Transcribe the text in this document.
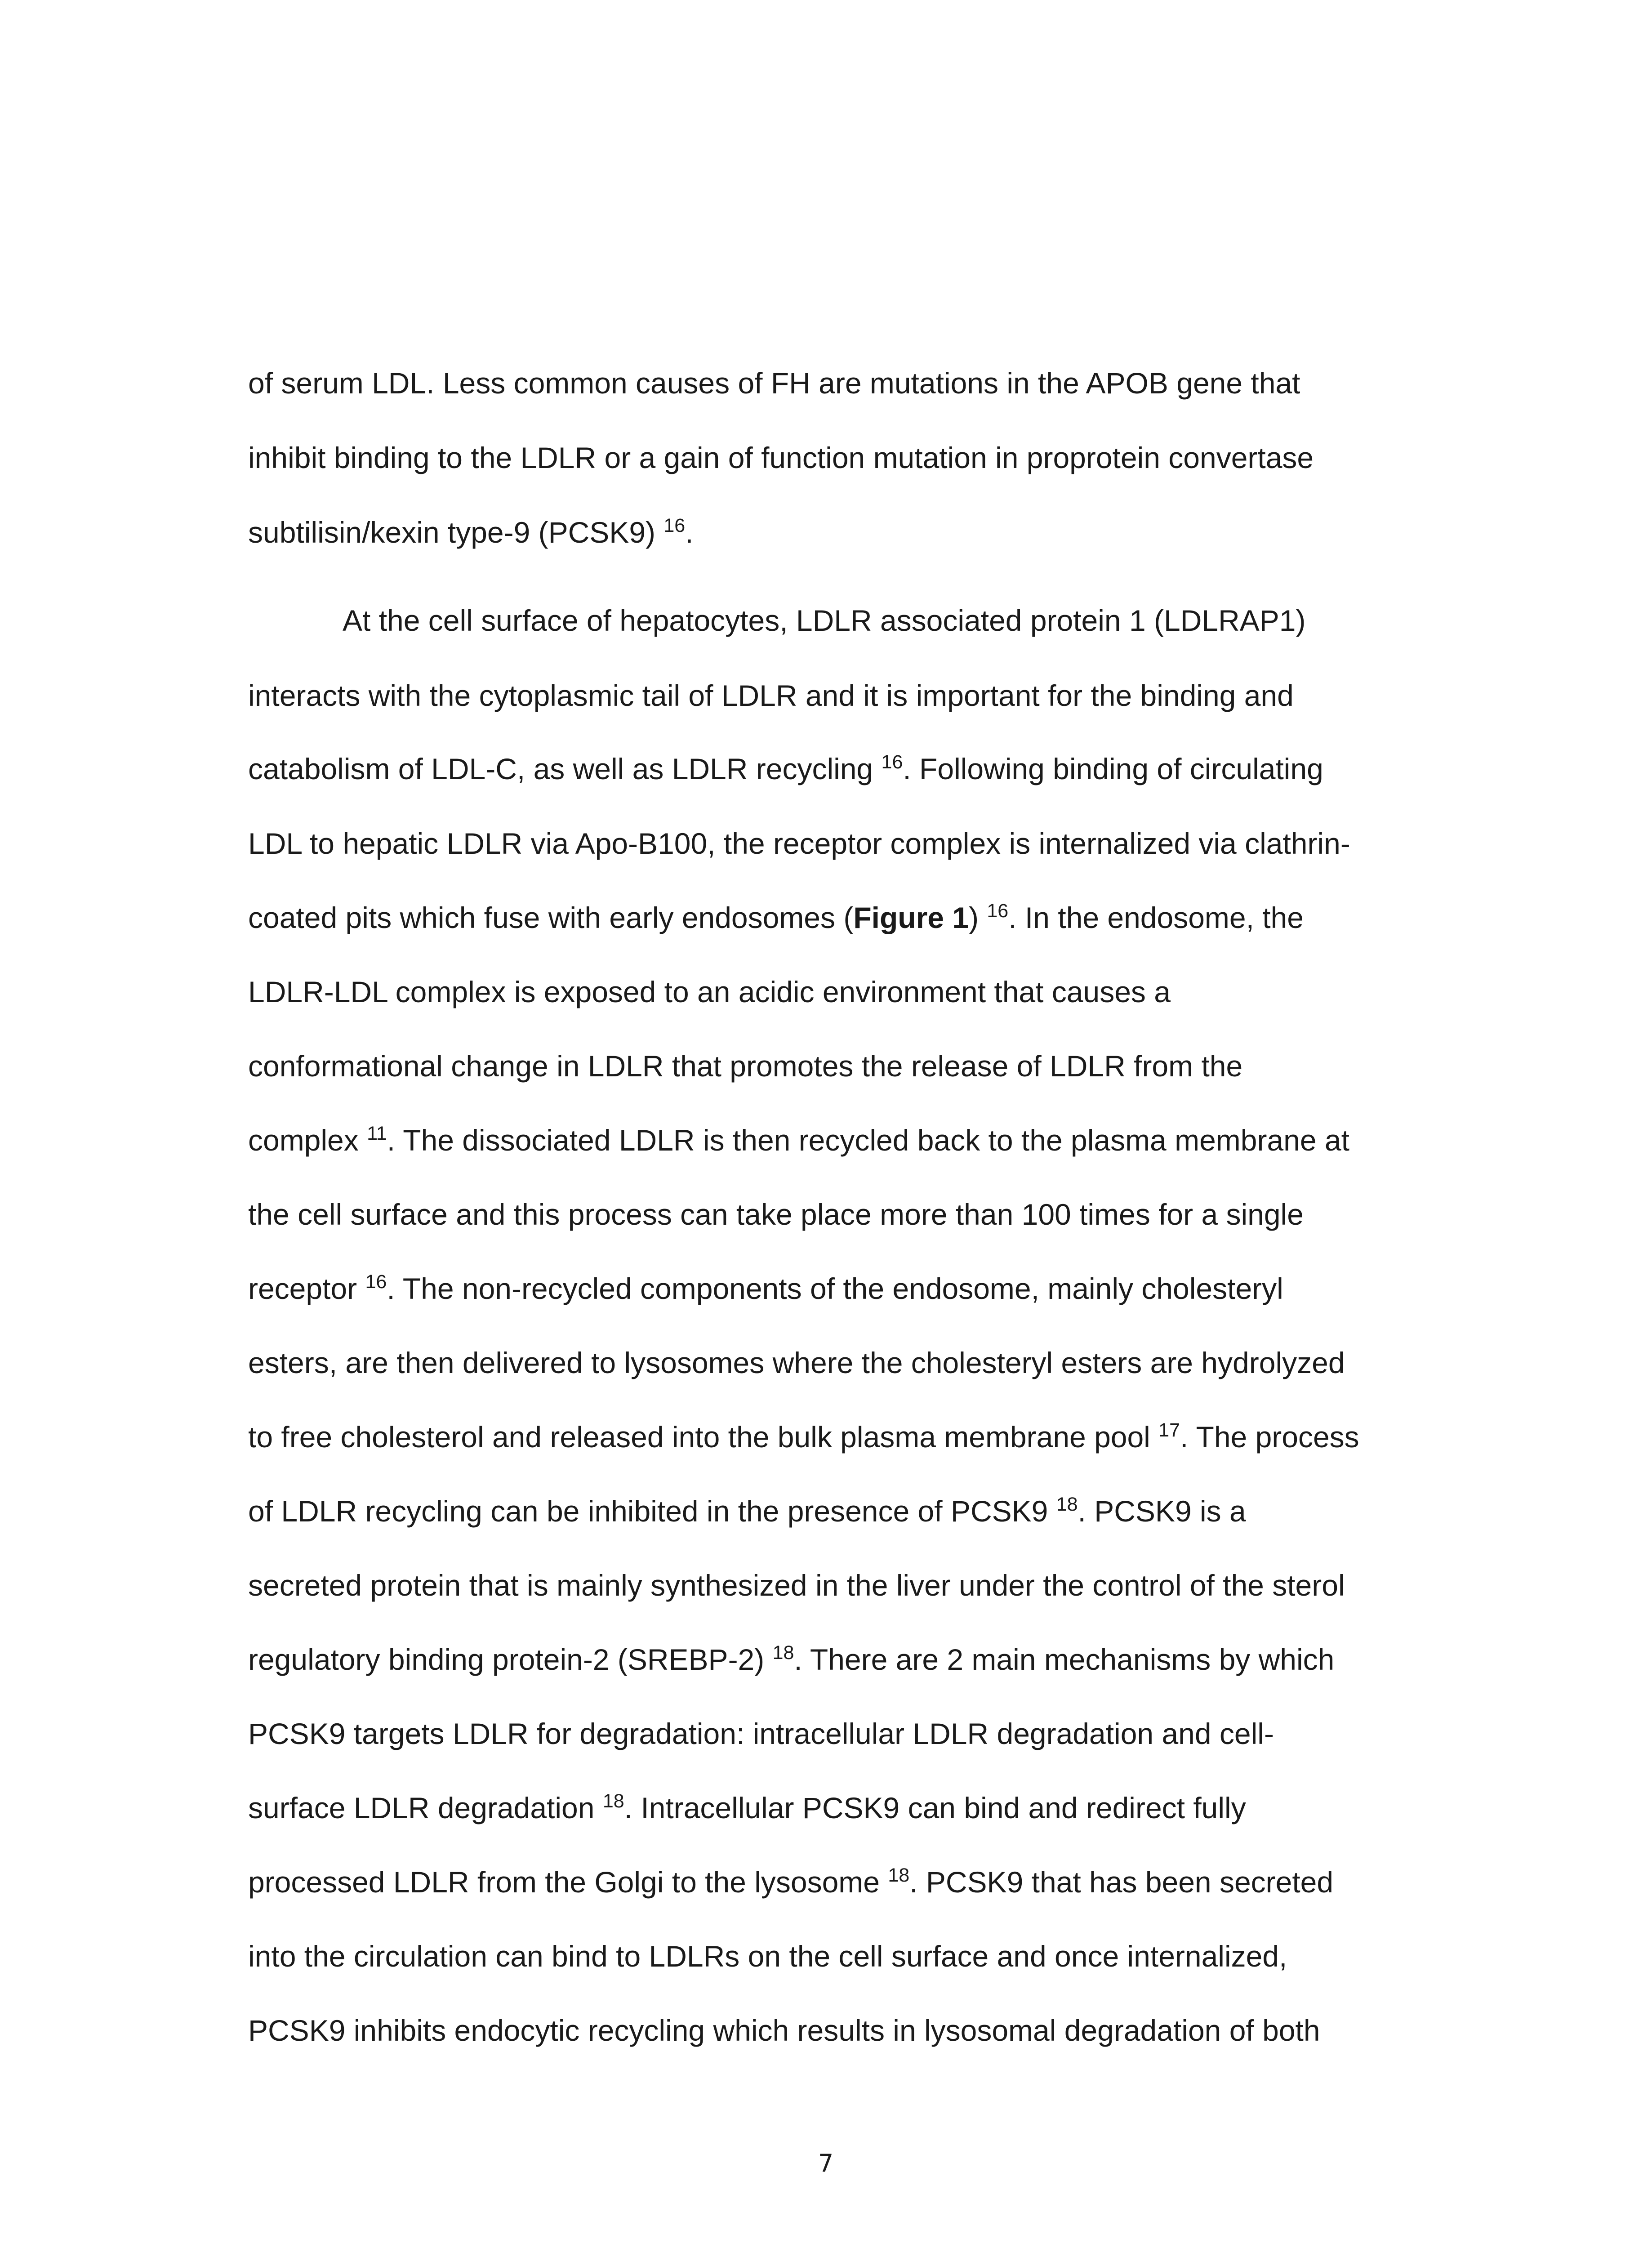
of serum LDL. Less common causes of FH are mutations in the APOB gene that
inhibit binding to the LDLR or a gain of function mutation in proprotein convertase
subtilisin/kexin type-9 (PCSK9) $^{16}$.
At the cell surface of hepatocytes, LDLR associated protein 1 (LDLRAP1)
interacts with the cytoplasmic tail of LDLR and it is important for the binding and
catabolism of LDL-C, as well as LDLR recycling $^{16}$. Following binding of circulating
LDL to hepatic LDLR via Apo-B100, the receptor complex is internalized via clathrin-
coated pits which fuse with early endosomes (Figure 1) $^{16}$. In the endosome, the
LDLR-LDL complex is exposed to an acidic environment that causes a
conformational change in LDLR that promotes the release of LDLR from the
complex $^{11}$. The dissociated LDLR is then recycled back to the plasma membrane at
the cell surface and this process can take place more than 100 times for a single
receptor $^{16}$. The non-recycled components of the endosome, mainly cholesteryl
esters, are then delivered to lysosomes where the cholesteryl esters are hydrolyzed
to free cholesterol and released into the bulk plasma membrane pool $^{17}$. The process
of LDLR recycling can be inhibited in the presence of PCSK9 $^{18}$. PCSK9 is a
secreted protein that is mainly synthesized in the liver under the control of the sterol
regulatory binding protein-2 (SREBP-2) $^{18}$. There are 2 main mechanisms by which
PCSK9 targets LDLR for degradation: intracellular LDLR degradation and cell-
surface LDLR degradation $^{18}$. Intracellular PCSK9 can bind and redirect fully
processed LDLR from the Golgi to the lysosome $^{18}$. PCSK9 that has been secreted
into the circulation can bind to LDLRs on the cell surface and once internalized,
PCSK9 inhibits endocytic recycling which results in lysosomal degradation of both
7
